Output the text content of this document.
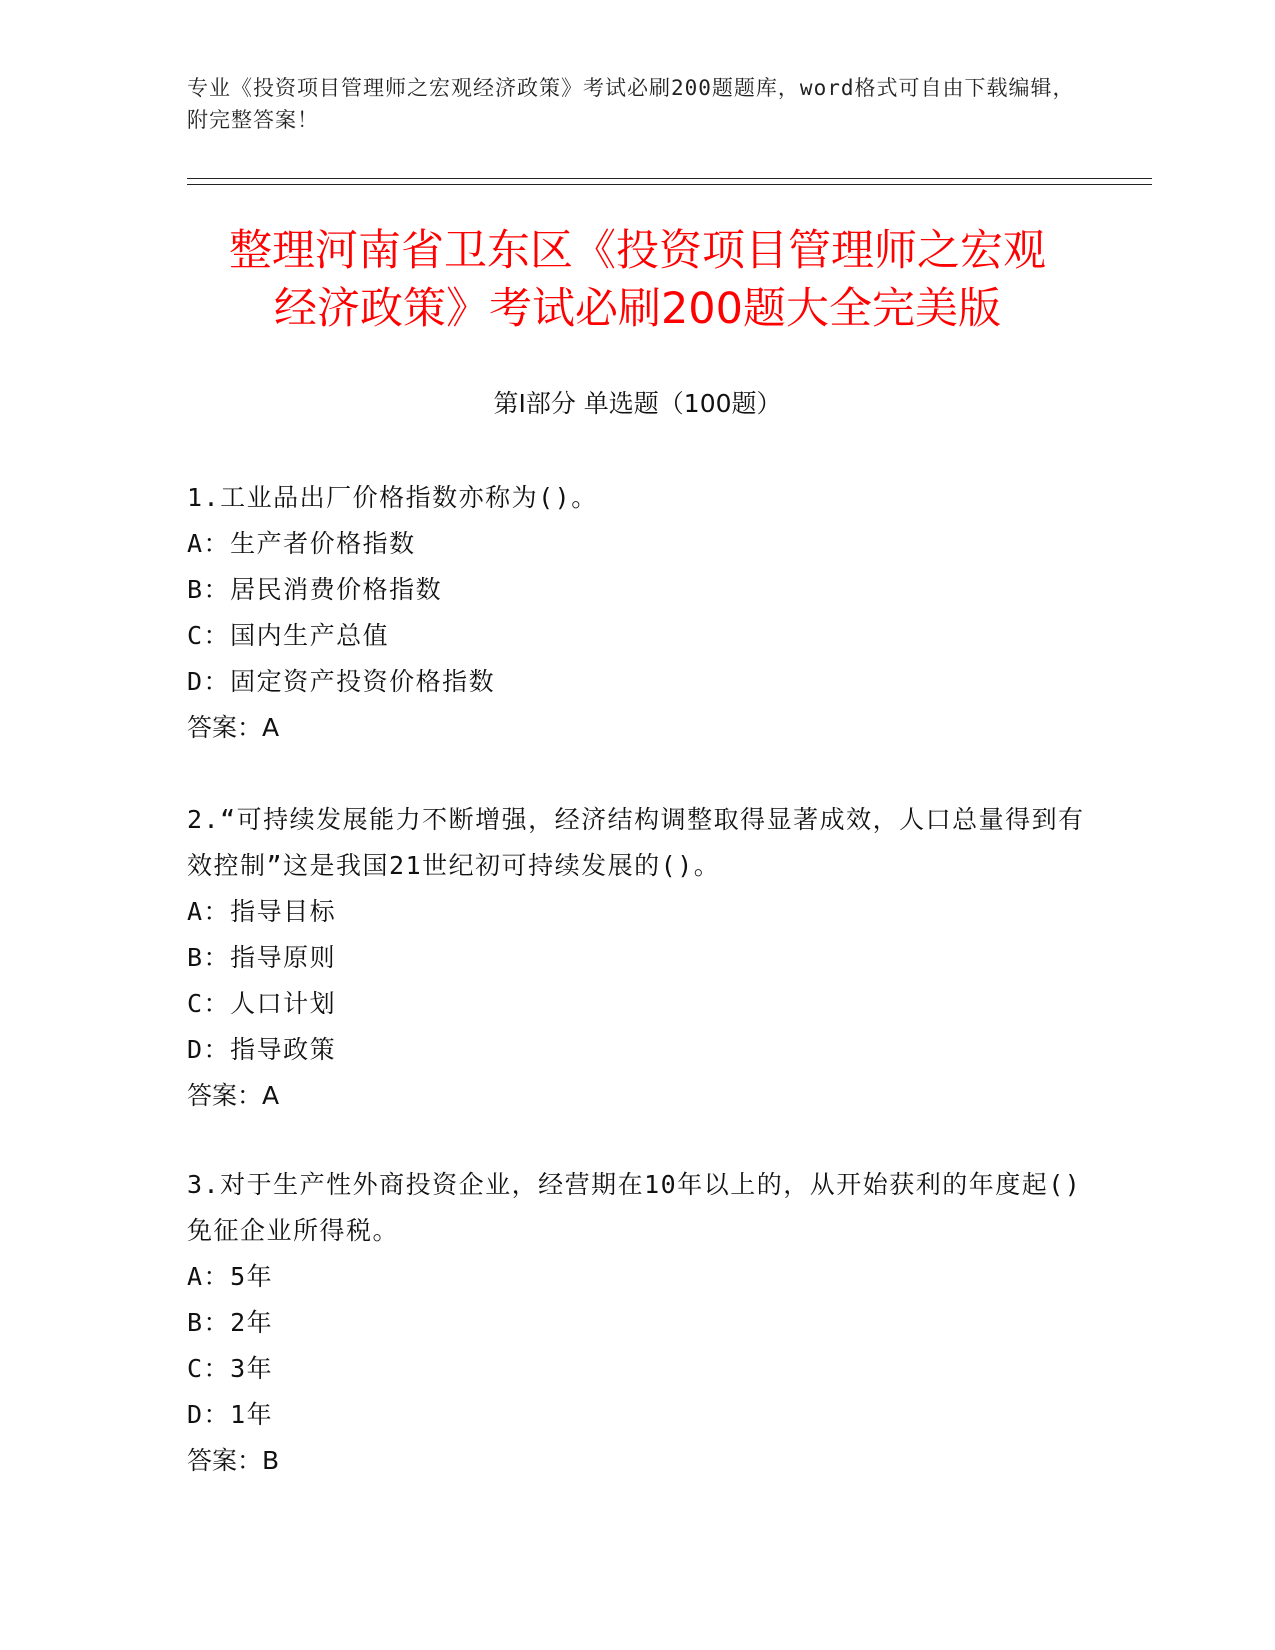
专业《投资项目管理师之宏观经济政策》考试必刷200题题库，word格式可自由下载编辑，附完整答案！
整理河南省卫东区《投资项目管理师之宏观
经济政策》考试必刷200题大全完美版
第Ⅰ部分 单选题（100题）
1.工业品出厂价格指数亦称为()。
A：生产者价格指数
B：居民消费价格指数
C：国内生产总值
D：固定资产投资价格指数
答案：A
2.“可持续发展能力不断增强，经济结构调整取得显著成效，人口总量得到有效控制”这是我国21世纪初可持续发展的()。
A：指导目标
B：指导原则
C：人口计划
D：指导政策
答案：A
3.对于生产性外商投资企业，经营期在10年以上的，从开始获利的年度起()免征企业所得税。
A：5年
B：2年
C：3年
D：1年
答案：B
